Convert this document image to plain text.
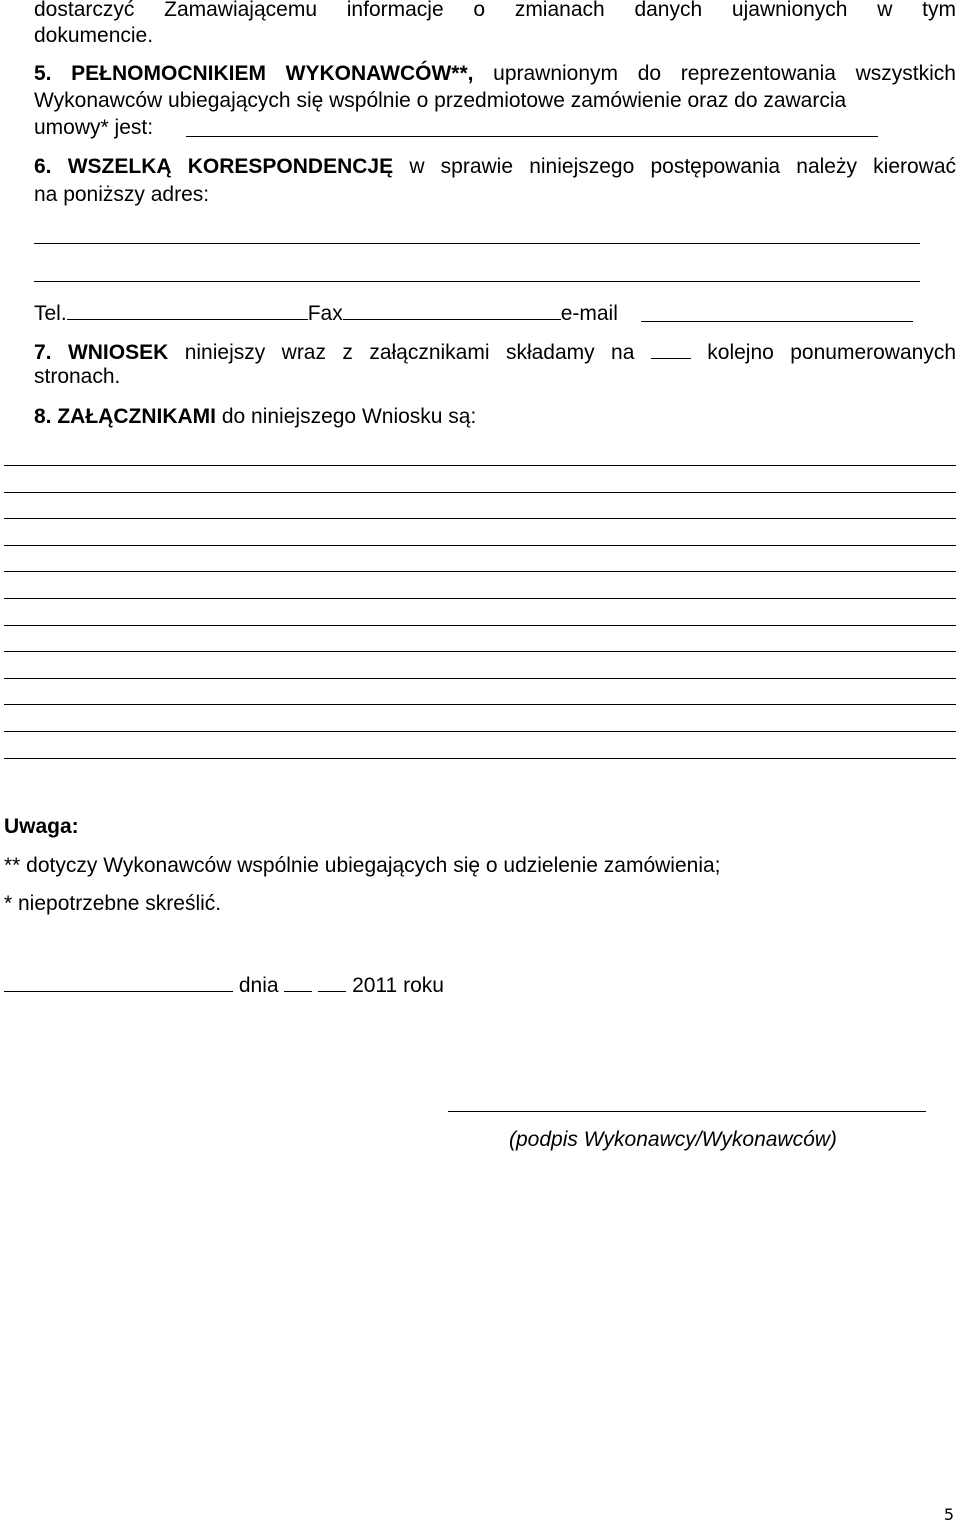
dostarczyć Zamawiającemu informacje o zmianach danych ujawnionych w tym
dokumencie.
5. PEŁNOMOCNIKIEM WYKONAWCÓW**, uprawnionym do reprezentowania wszystkich
Wykonawców ubiegających się wspólnie o przedmiotowe zamówienie oraz do zawarcia
umowy* jest:
6. WSZELKĄ KORESPONDENCJĘ w sprawie niniejszego postępowania należy kierować
na poniższy adres:
Tel.	Fax	e-mail
7. WNIOSEK niniejszy wraz z załącznikami składamy na	kolejno ponumerowanych
stronach.
8. ZAŁĄCZNIKAMI do niniejszego Wniosku są:
Uwaga:
** dotyczy Wykonawców wspólnie ubiegających się o udzielenie zamówienia;
* niepotrzebne skreślić.
dnia	2011 roku
(podpis Wykonawcy/Wykonawców)
5
